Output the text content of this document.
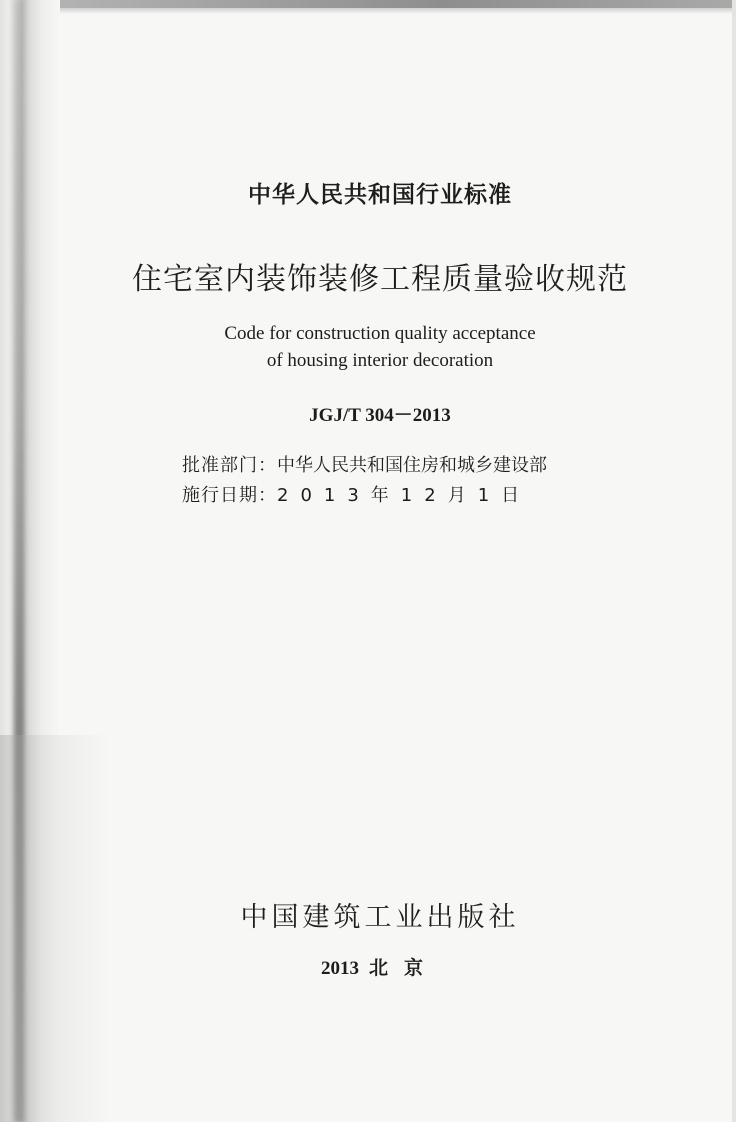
中华人民共和国行业标准
住宅室内装饰装修工程质量验收规范
Code for construction quality acceptance
of housing interior decoration
JGJ/T 304－2013
批准部门：中华人民共和国住房和城乡建设部
施行日期：2013年12月1日
中国建筑工业出版社
2013 北京
